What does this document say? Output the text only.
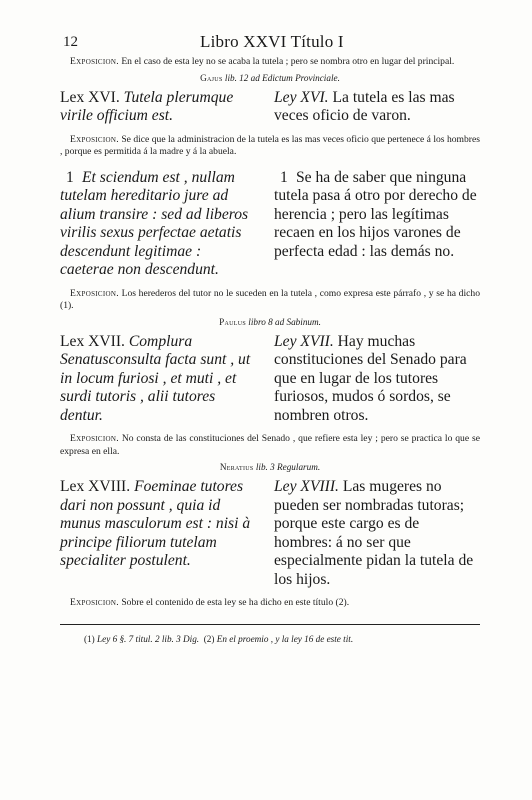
12	Libro XXVI Título I

Exposicion. En el caso de esta ley no se acaba la tutela ; pero se nombra otro en lugar del principal.

Gajus lib. 12 ad Edictum Provinciale.

Lex XVI. Tutela plerumque virile officium est.

Ley XVI. La tutela es las mas veces oficio de varon.

Exposicion. Se dice que la administracion de la tutela es las mas veces oficio que pertenece á los hombres , porque es permitida á la madre y á la abuela.

1 Et sciendum est , nullam tutelam hereditario jure ad alium transire : sed ad liberos virilis sexus perfectae aetatis descendunt legitimae : caeterae non descendunt.

1 Se ha de saber que ninguna tutela pasa á otro por derecho de herencia ; pero las legítimas recaen en los hijos varones de perfecta edad : las demás no.

Exposicion. Los herederos del tutor no le suceden en la tutela , como expresa este párrafo , y se ha dicho (1).

Paulus libro 8 ad Sabinum.

Lex XVII. Complura Senatusconsulta facta sunt , ut in locum furiosi , et muti , et surdi tutoris , alii tutores dentur.

Ley XVII. Hay muchas constituciones del Senado para que en lugar de los tutores furiosos, mudos ó sordos, se nombren otros.

Exposicion. No consta de las constituciones del Senado , que refiere esta ley ; pero se practica lo que se expresa en ella.

Neratius lib. 3 Regularum.

Lex XVIII. Foeminae tutores dari non possunt , quia id munus masculorum est : nisi à principe filiorum tutelam specialiter postulent.

Ley XVIII. Las mugeres no pueden ser nombradas tutoras; porque este cargo es de hombres: á no ser que especialmente pidan la tutela de los hijos.

Exposicion. Sobre el contenido de esta ley se ha dicho en este título (2).

(1) Ley 6 §. 7 titul. 2 lib. 3 Dig. (2) En el proemio , y la ley 16 de este tit.
